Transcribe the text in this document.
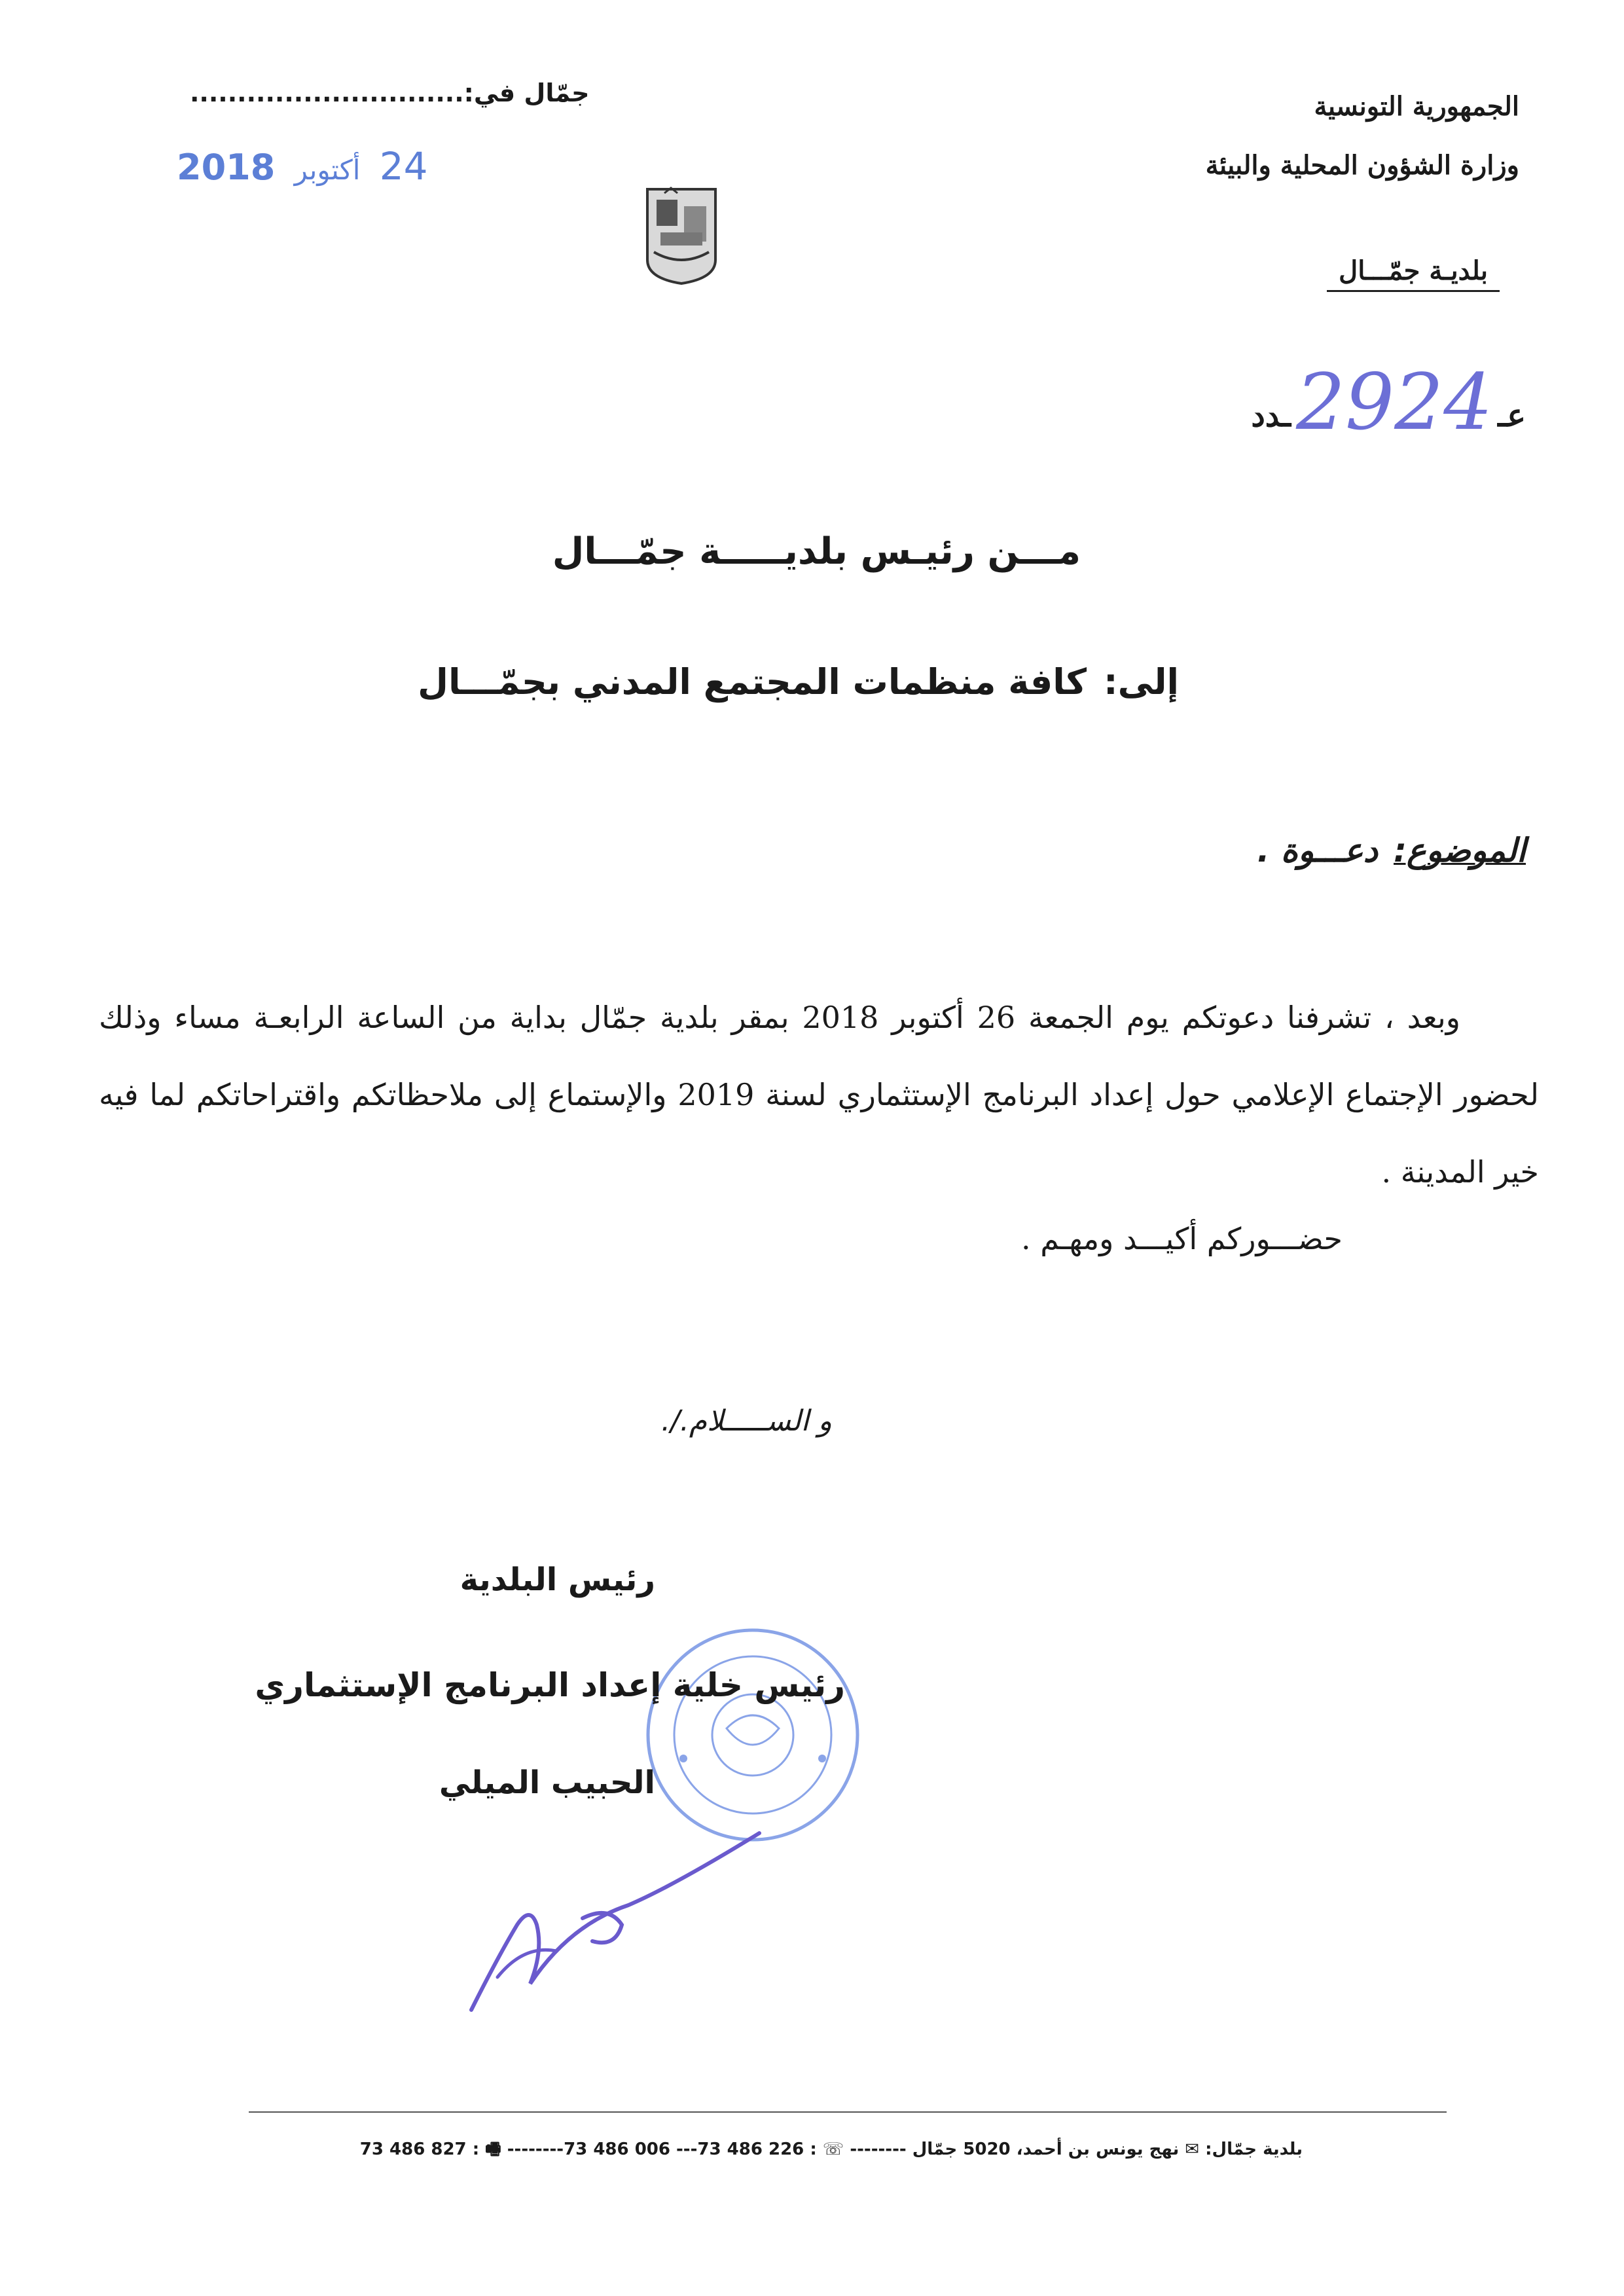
الجمهورية التونسية
وزارة الشؤون المحلية والبيئة
بلديـة جمّـــال
جمّال في:.............................
24 أكتوبر 2018
عـ
2924
ـدد
مـــن رئيـس بلديـــــة جمّـــال
إلى:كافة منظمات المجتمع المدني بجمّـــال
الموضوع:دعـــوة .

وبعد ، تشرفنا دعوتكم يوم الجمعة 26 أكتوبر 2018 بمقر بلدية جمّال بداية من الساعة الرابعـة مساء وذلك لحضور الإجتماع الإعلامي حول إعداد البرنامج الإستثماري لسنة 2019 والإستماع إلى ملاحظاتكم واقتراحاتكم لما فيه خير المدينة .

حضـــوركم أكيـــد ومهـم .
و الســـــلام./.
رئيس البلدية
رئيس خلية إعداد البرنامج الإستثماري
الحبيب الميلي
بلدية جمّال: ✉ نهج يونس بن أحمد، 5020 جمّال -------- ☏ : 226 486 73--- 006 486 73-------- 🖷 : 827 486 73
